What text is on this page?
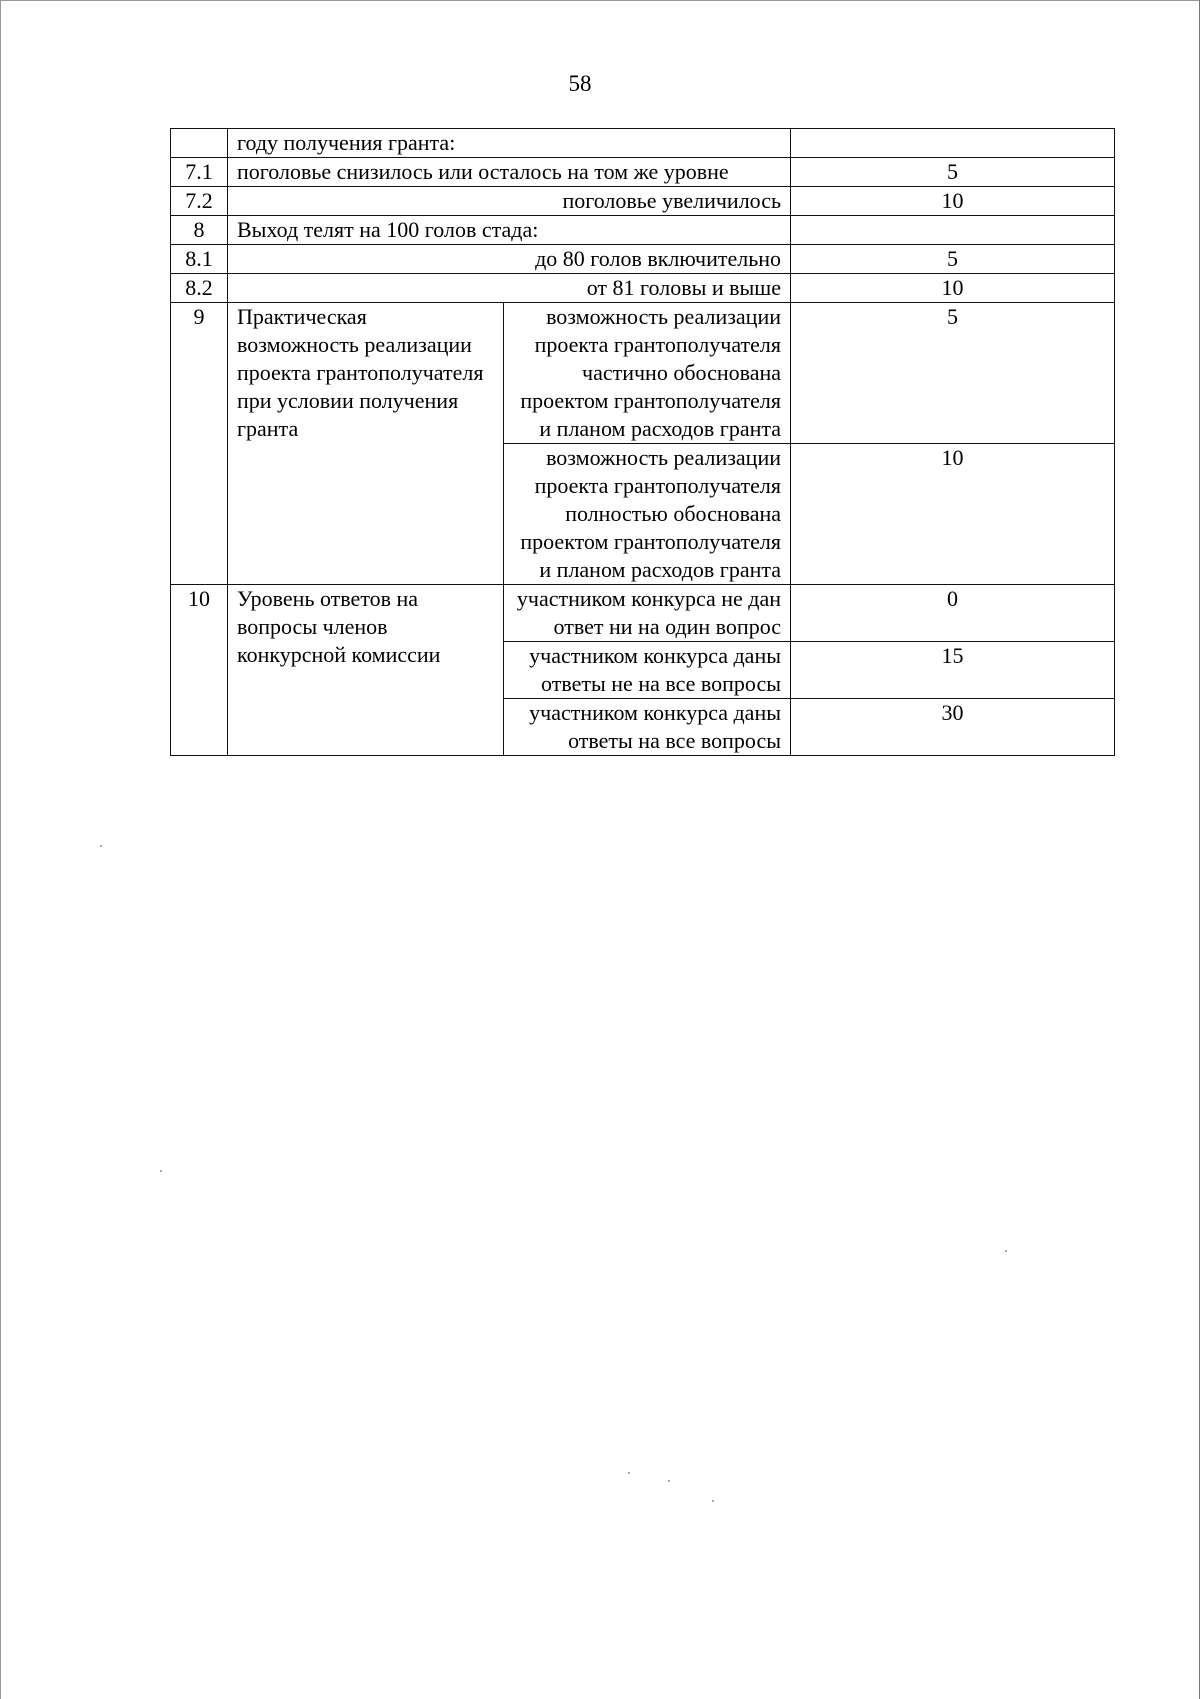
58
	году получения гранта:		
7.1	поголовье снизилось или осталось на том же уровне		5
7.2	поголовье увеличилось		10
8	Выход телят на 100 голов стада:		
8.1	до 80 голов включительно		5
8.2	от 81 головы и выше		10
9	Практическая возможность реализации проекта грантополучателя при условии получения гранта	возможность реализации проекта грантополучателя частично обоснована проектом грантополучателя и планом расходов гранта	5
		возможность реализации проекта грантополучателя полностью обоснована проектом грантополучателя и планом расходов гранта	10
10	Уровень ответов на вопросы членов конкурсной комиссии	участником конкурса не дан ответ ни на один вопрос	0
		участником конкурса даны ответы не на все вопросы	15
		участником конкурса даны ответы на все вопросы	30
